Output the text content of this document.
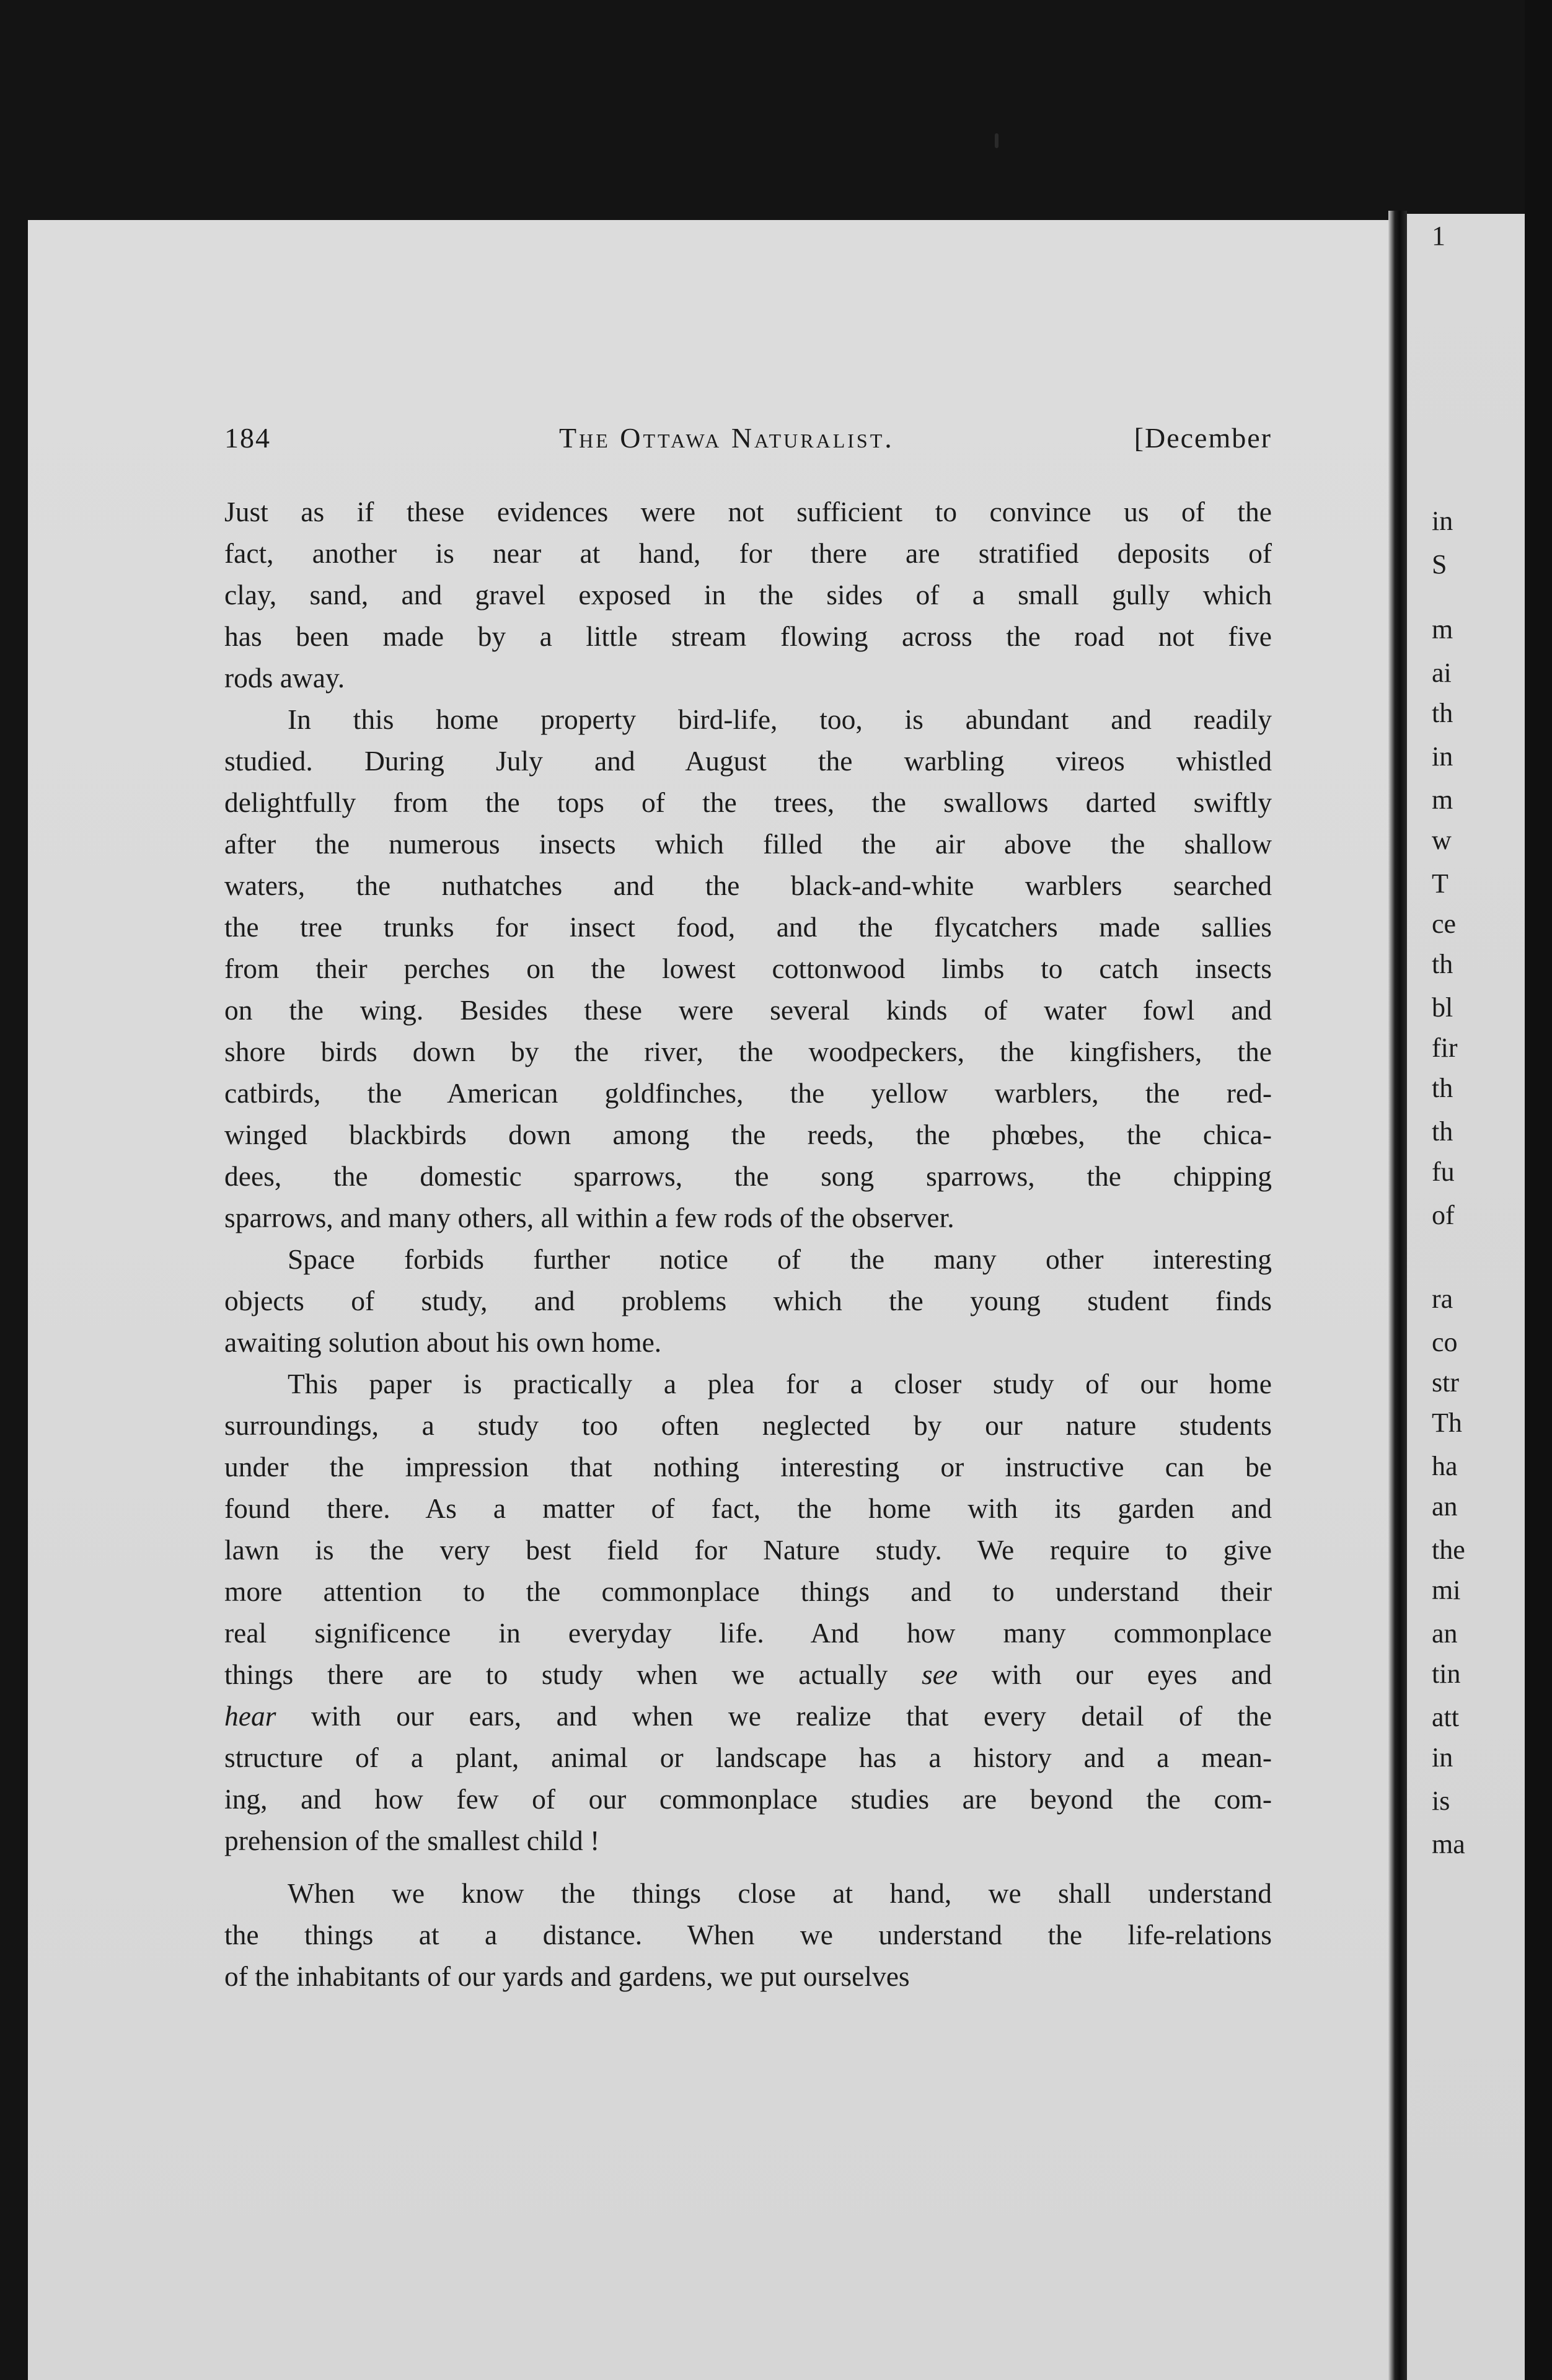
1
in
S
m
ai
th
in
m
w
T
ce
th
bl
fir
th
th
fu
of
ra
co
str
Th
ha
an
the
mi
an
tin
att
in
is
ma
184	The Ottawa Naturalist.	[December
Just as if these evidences were not sufficient to convince us of the
fact, another is near at hand, for there are stratified deposits of
clay, sand, and gravel exposed in the sides of a small gully which
has been made by a little stream flowing across the road not five
rods away.
In this home property bird-life, too, is abundant and readily
studied. During July and August the warbling vireos whistled
delightfully from the tops of the trees, the swallows darted swiftly
after the numerous insects which filled the air above the shallow
waters, the nuthatches and the black-and-white warblers searched
the tree trunks for insect food, and the flycatchers made sallies
from their perches on the lowest cottonwood limbs to catch insects
on the wing. Besides these were several kinds of water fowl and
shore birds down by the river, the woodpeckers, the kingfishers, the
catbirds, the American goldfinches, the yellow warblers, the red-
winged blackbirds down among the reeds, the phœbes, the chica-
dees, the domestic sparrows, the song sparrows, the chipping
sparrows, and many others, all within a few rods of the observer.
Space forbids further notice of the many other interesting
objects of study, and problems which the young student finds
awaiting solution about his own home.
This paper is practically a plea for a closer study of our home
surroundings, a study too often neglected by our nature students
under the impression that nothing interesting or instructive can be
found there. As a matter of fact, the home with its garden and
lawn is the very best field for Nature study. We require to give
more attention to the commonplace things and to understand their
real significence in everyday life. And how many commonplace
things there are to study when we actually see with our eyes and
hear with our ears, and when we realize that every detail of the
structure of a plant, animal or landscape has a history and a mean-
ing, and how few of our commonplace studies are beyond the com-
prehension of the smallest child !
When we know the things close at hand, we shall understand
the things at a distance. When we understand the life-relations
of the inhabitants of our yards and gardens, we put ourselves
